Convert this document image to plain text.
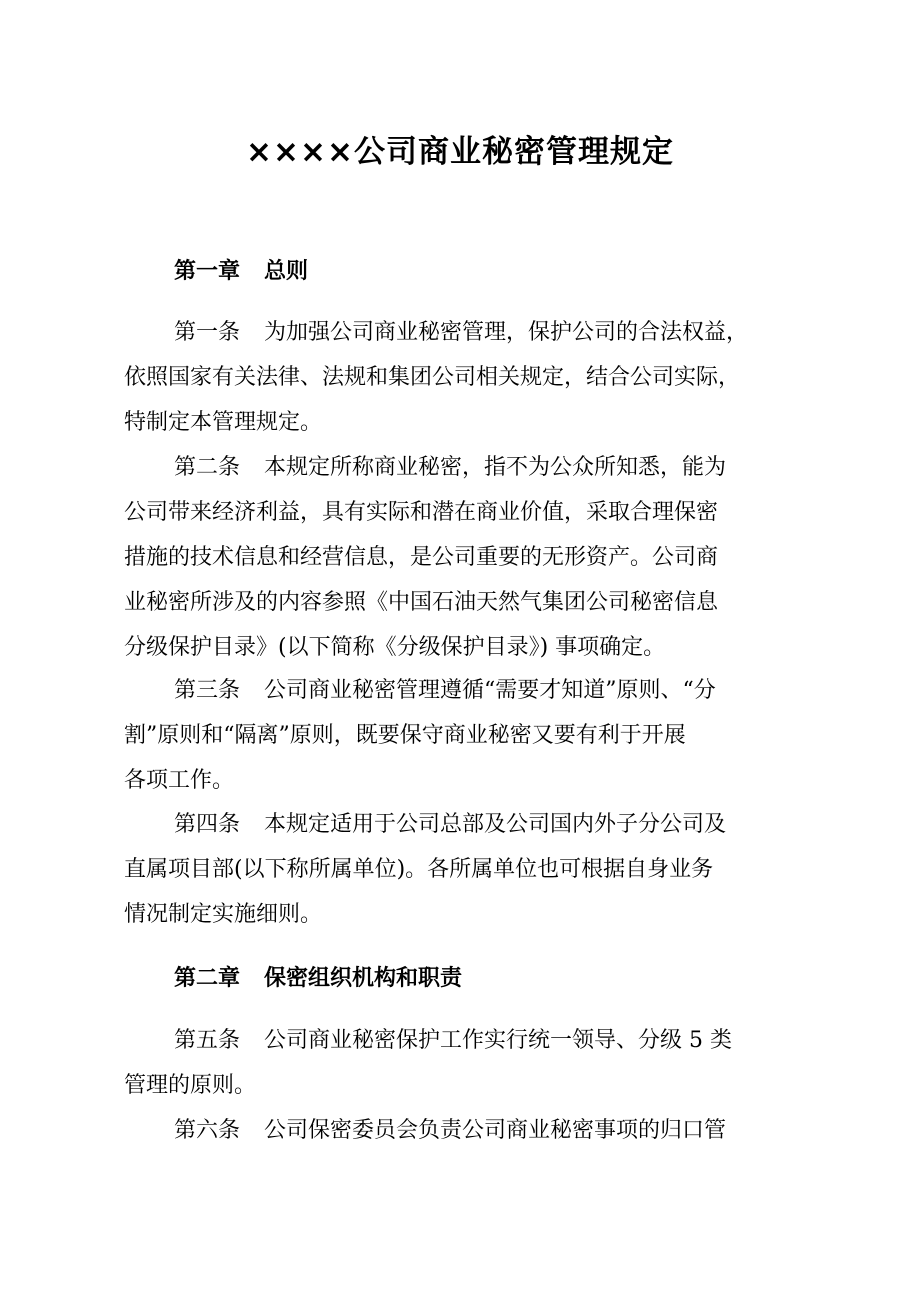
××××公司商业秘密管理规定
第一章 总则
第一条 为加强公司商业秘密管理，保护公司的合法权益，
依照国家有关法律、法规和集团公司相关规定，结合公司实际，
特制定本管理规定。
第二条 本规定所称商业秘密，指不为公众所知悉，能为
公司带来经济利益，具有实际和潜在商业价值，采取合理保密
措施的技术信息和经营信息，是公司重要的无形资产。公司商
业秘密所涉及的内容参照《中国石油天然气集团公司秘密信息
分级保护目录》(以下简称《分级保护目录》) 事项确定。
第三条 公司商业秘密管理遵循“需要才知道”原则、“分
割”原则和“隔离”原则，既要保守商业秘密又要有利于开展
各项工作。
第四条 本规定适用于公司总部及公司国内外子分公司及
直属项目部(以下称所属单位)。各所属单位也可根据自身业务
情况制定实施细则。
第二章 保密组织机构和职责
第五条 公司商业秘密保护工作实行统一领导、分级 5 类
管理的原则。
第六条 公司保密委员会负责公司商业秘密事项的归口管
